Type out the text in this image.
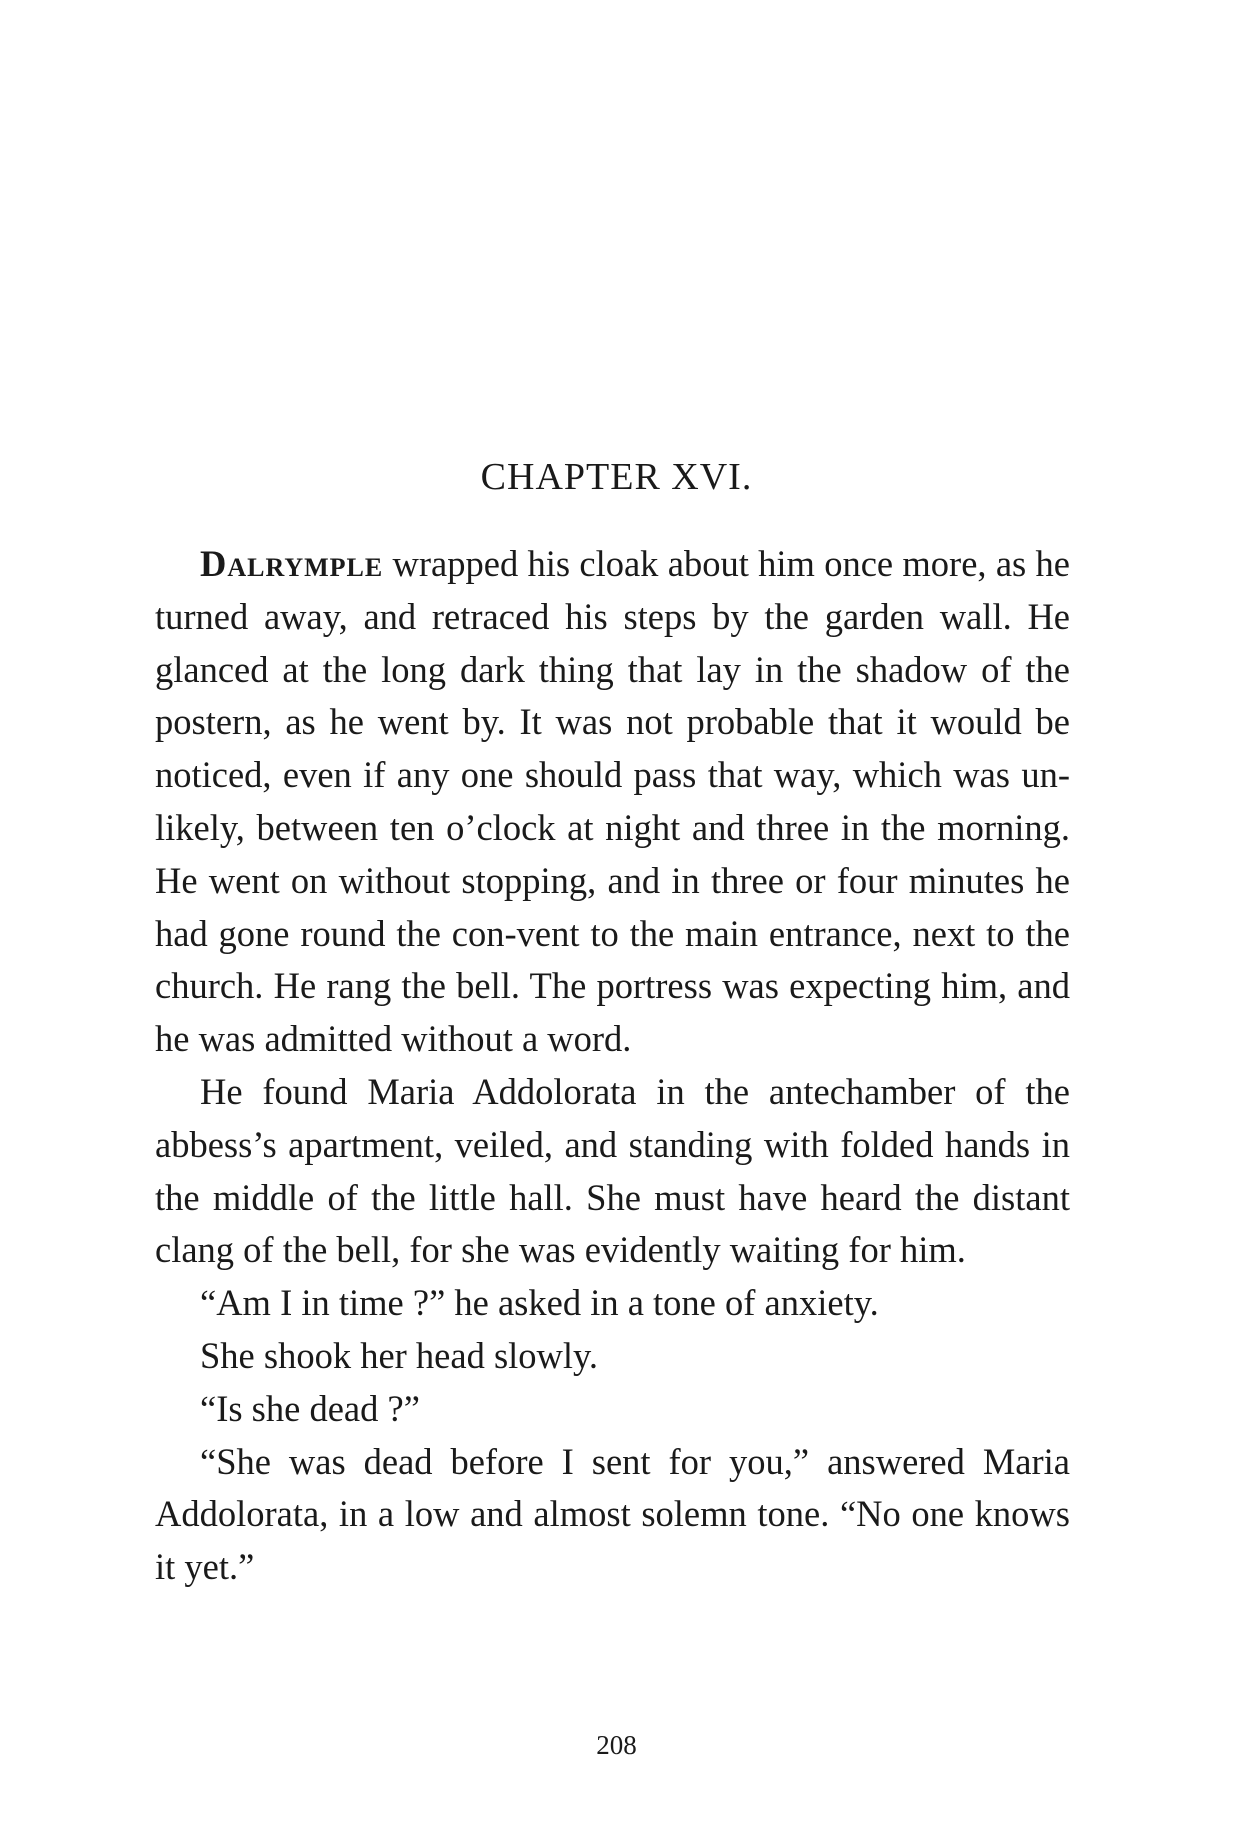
CHAPTER XVI.

Dalrymple wrapped his cloak about him once more, as he turned away, and retraced his steps by the garden wall. He glanced at the long dark thing that lay in the shadow of the postern, as he went by. It was not probable that it would be noticed, even if any one should pass that way, which was un-likely, between ten o’clock at night and three in the morning. He went on without stopping, and in three or four minutes he had gone round the con-vent to the main entrance, next to the church. He rang the bell. The portress was expecting him, and he was admitted without a word.

He found Maria Addolorata in the antechamber of the abbess’s apartment, veiled, and standing with folded hands in the middle of the little hall. She must have heard the distant clang of the bell, for she was evidently waiting for him.

“Am I in time ?” he asked in a tone of anxiety.

She shook her head slowly.

“Is she dead ?”

“She was dead before I sent for you,” answered Maria Addolorata, in a low and almost solemn tone. “No one knows it yet.”

208
